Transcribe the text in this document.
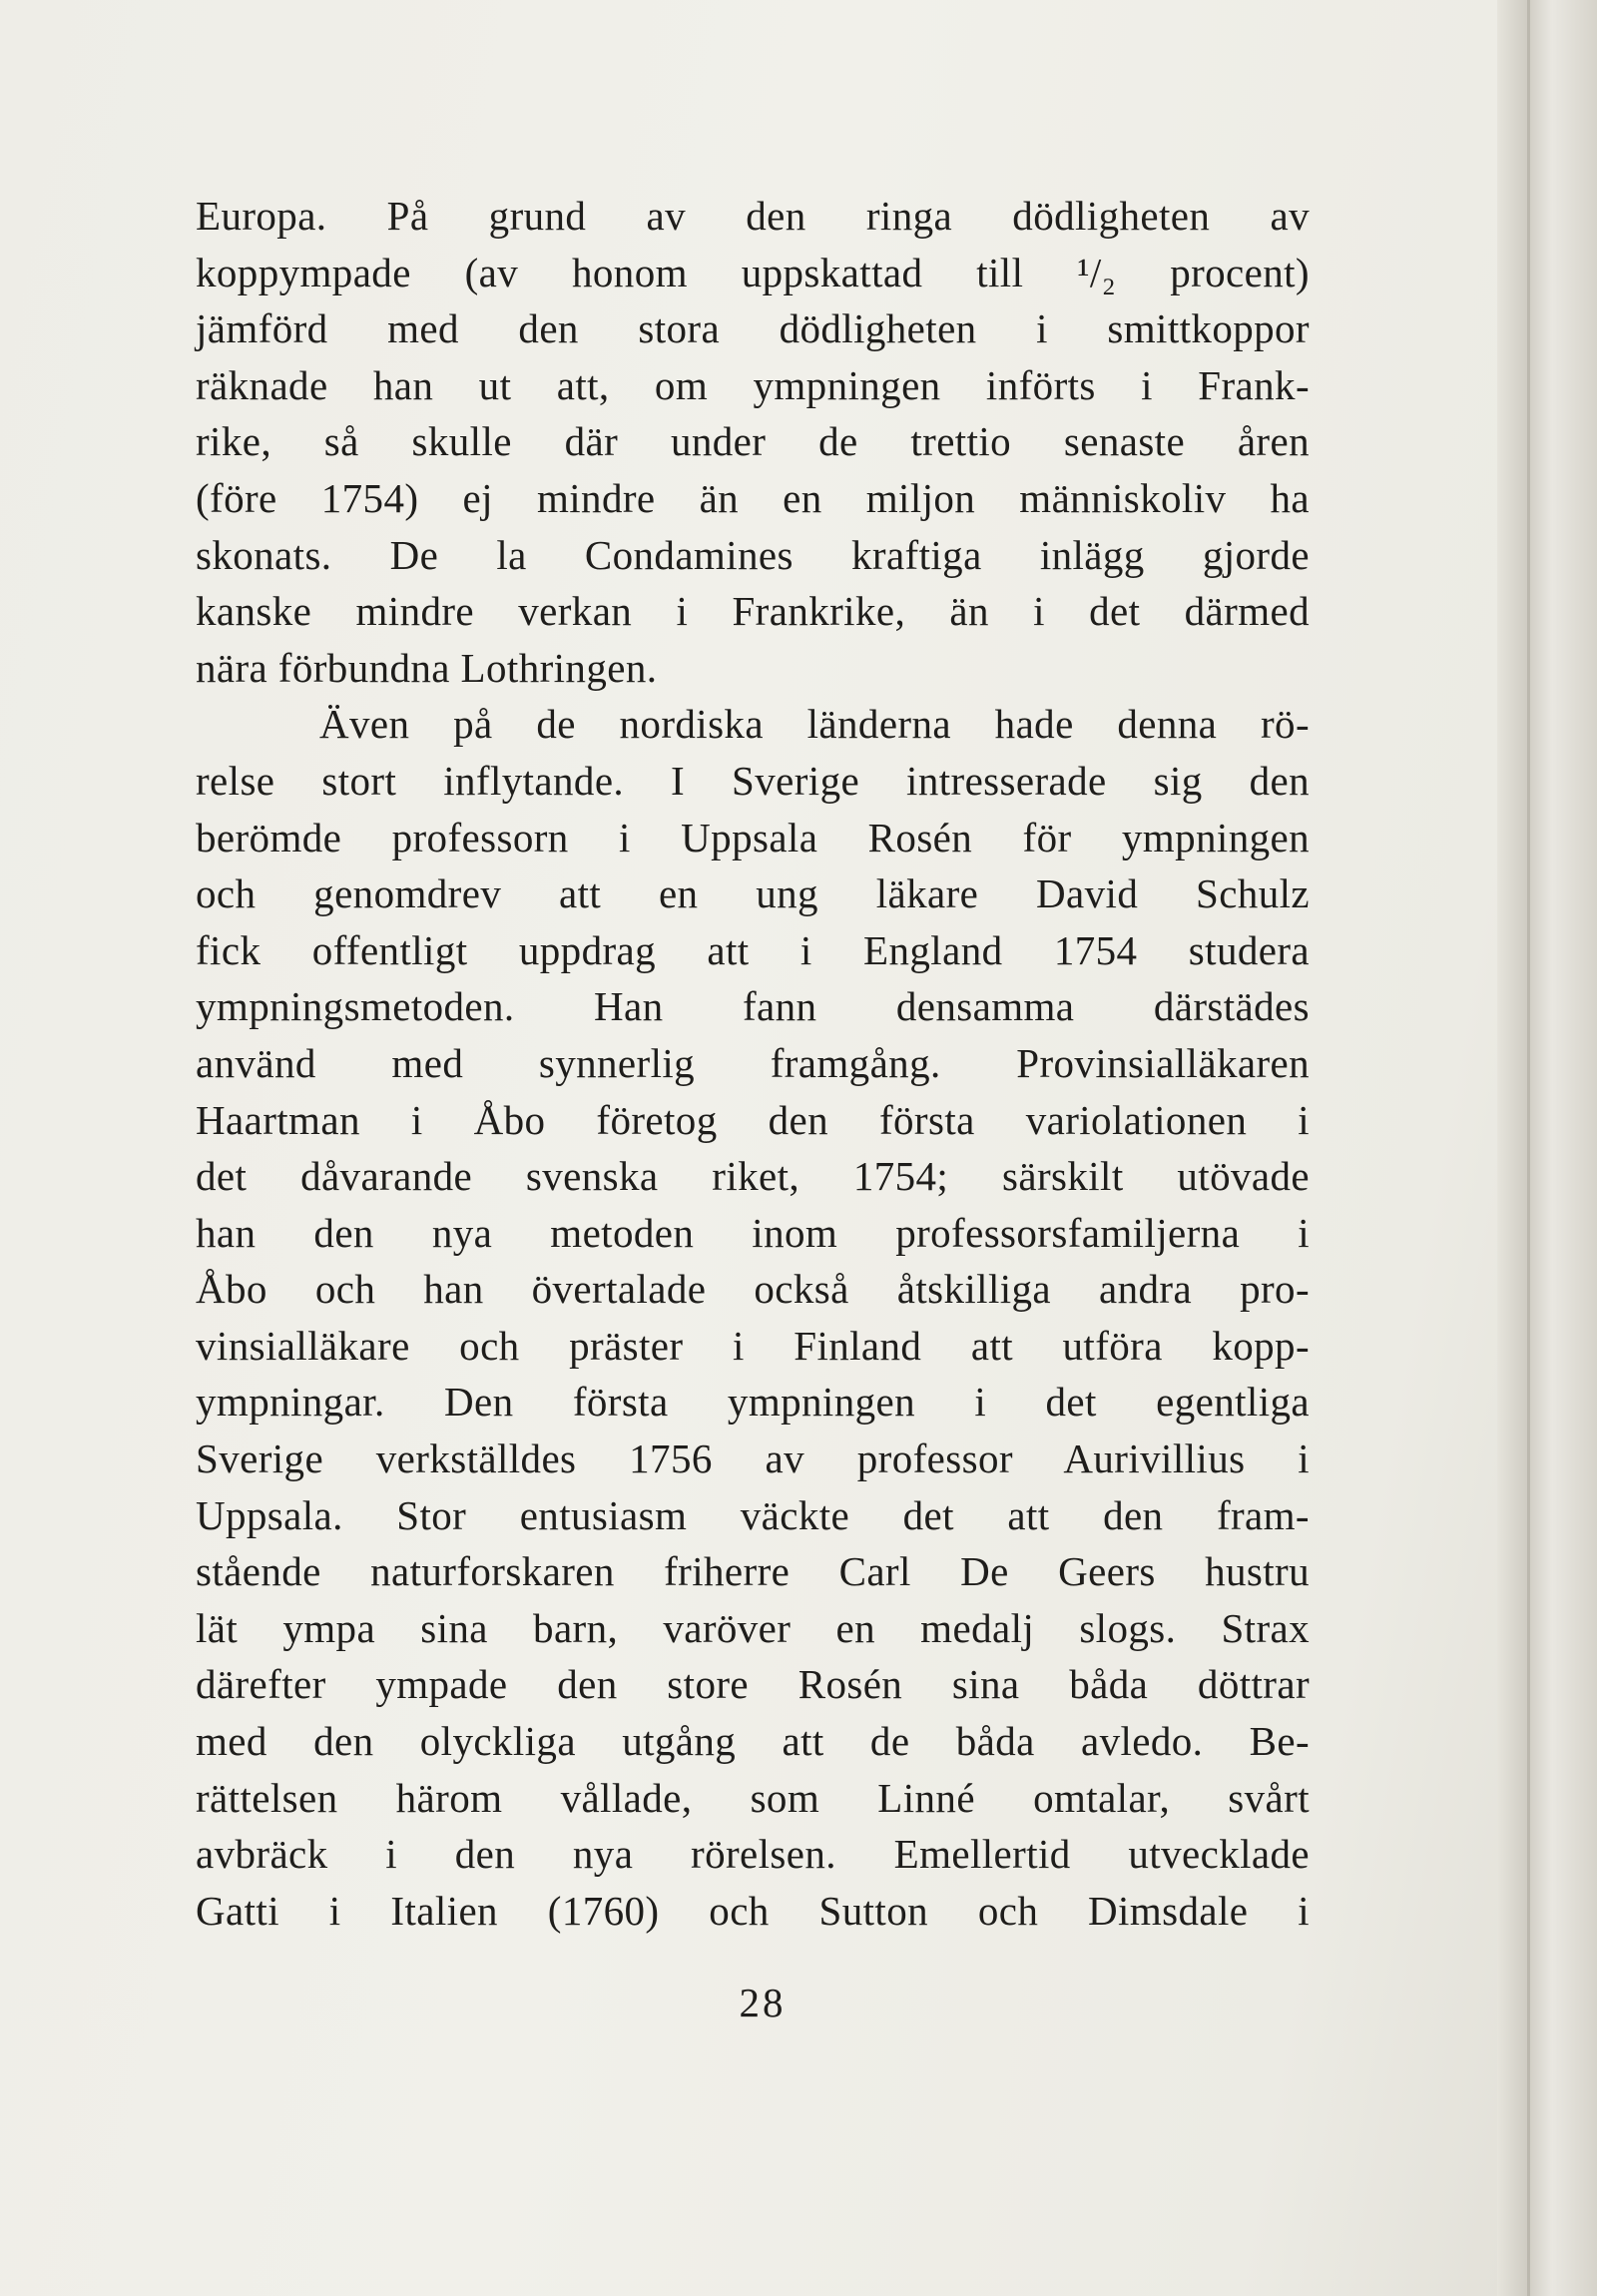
Europa. På grund av den ringa dödligheten av
koppympade (av honom uppskattad till ¹/₂ procent)
jämförd med den stora dödligheten i smittkoppor
räknade han ut att, om ympningen införts i Frank-
rike, så skulle där under de trettio senaste åren
(före 1754) ej mindre än en miljon människoliv ha
skonats. De la Condamines kraftiga inlägg gjorde
kanske mindre verkan i Frankrike, än i det därmed
nära förbundna Lothringen.
Även på de nordiska länderna hade denna rö-
relse stort inflytande. I Sverige intresserade sig den
berömde professorn i Uppsala Rosén för ympningen
och genomdrev att en ung läkare David Schulz
fick offentligt uppdrag att i England 1754 studera
ympningsmetoden. Han fann densamma därstädes
använd med synnerlig framgång. Provinsialläkaren
Haartman i Åbo företog den första variolationen i
det dåvarande svenska riket, 1754; särskilt utövade
han den nya metoden inom professorsfamiljerna i
Åbo och han övertalade också åtskilliga andra pro-
vinsialläkare och präster i Finland att utföra kopp-
ympningar. Den första ympningen i det egentliga
Sverige verkställdes 1756 av professor Aurivillius i
Uppsala. Stor entusiasm väckte det att den fram-
stående naturforskaren friherre Carl De Geers hustru
lät ympa sina barn, varöver en medalj slogs. Strax
därefter ympade den store Rosén sina båda döttrar
med den olyckliga utgång att de båda avledo. Be-
rättelsen härom vållade, som Linné omtalar, svårt
avbräck i den nya rörelsen. Emellertid utvecklade
Gatti i Italien (1760) och Sutton och Dimsdale i
28
